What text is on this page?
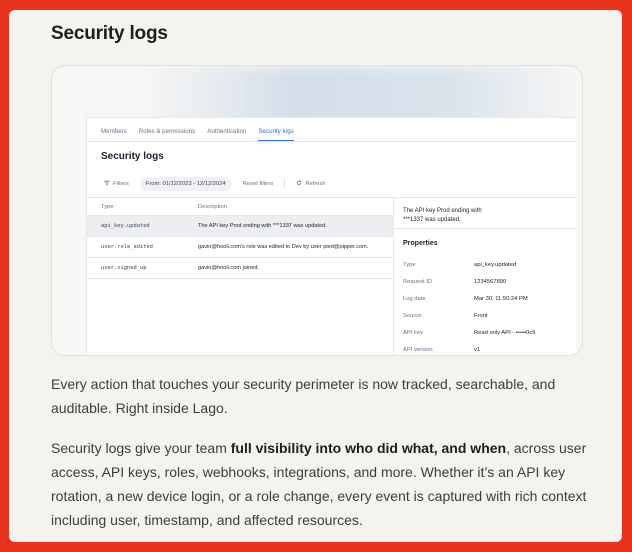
Security logs
Members Roles & permissions Authentication Security logs
Security logs
Filters	From: 01/12/2023 - 12/12/2024	Reset filters	Refresh
Type	Description
api_key.updated	The API key Prod ending with ***1337 was updated.
user.role_edited	gavin@hooli.com's role was edited to Dev by user pied@pipper.com.
user.signed_up	gavin@hooli.com joined.
The API key Prod ending with
***1337 was updated.
Properties
Type	api_key.updated
Request ID	1234567890
Log date	Mar 30, 11:50:24 PM
Source	Front
API key	Read only API - •••••0c9
API version	v1

Every action that touches your security perimeter is now tracked, searchable, and auditable. Right inside Lago.

Security logs give your team full visibility into who did what, and when, across user access, API keys, roles, webhooks, integrations, and more. Whether it’s an API key rotation, a new device login, or a role change, every event is captured with rich context including user, timestamp, and affected resources.
